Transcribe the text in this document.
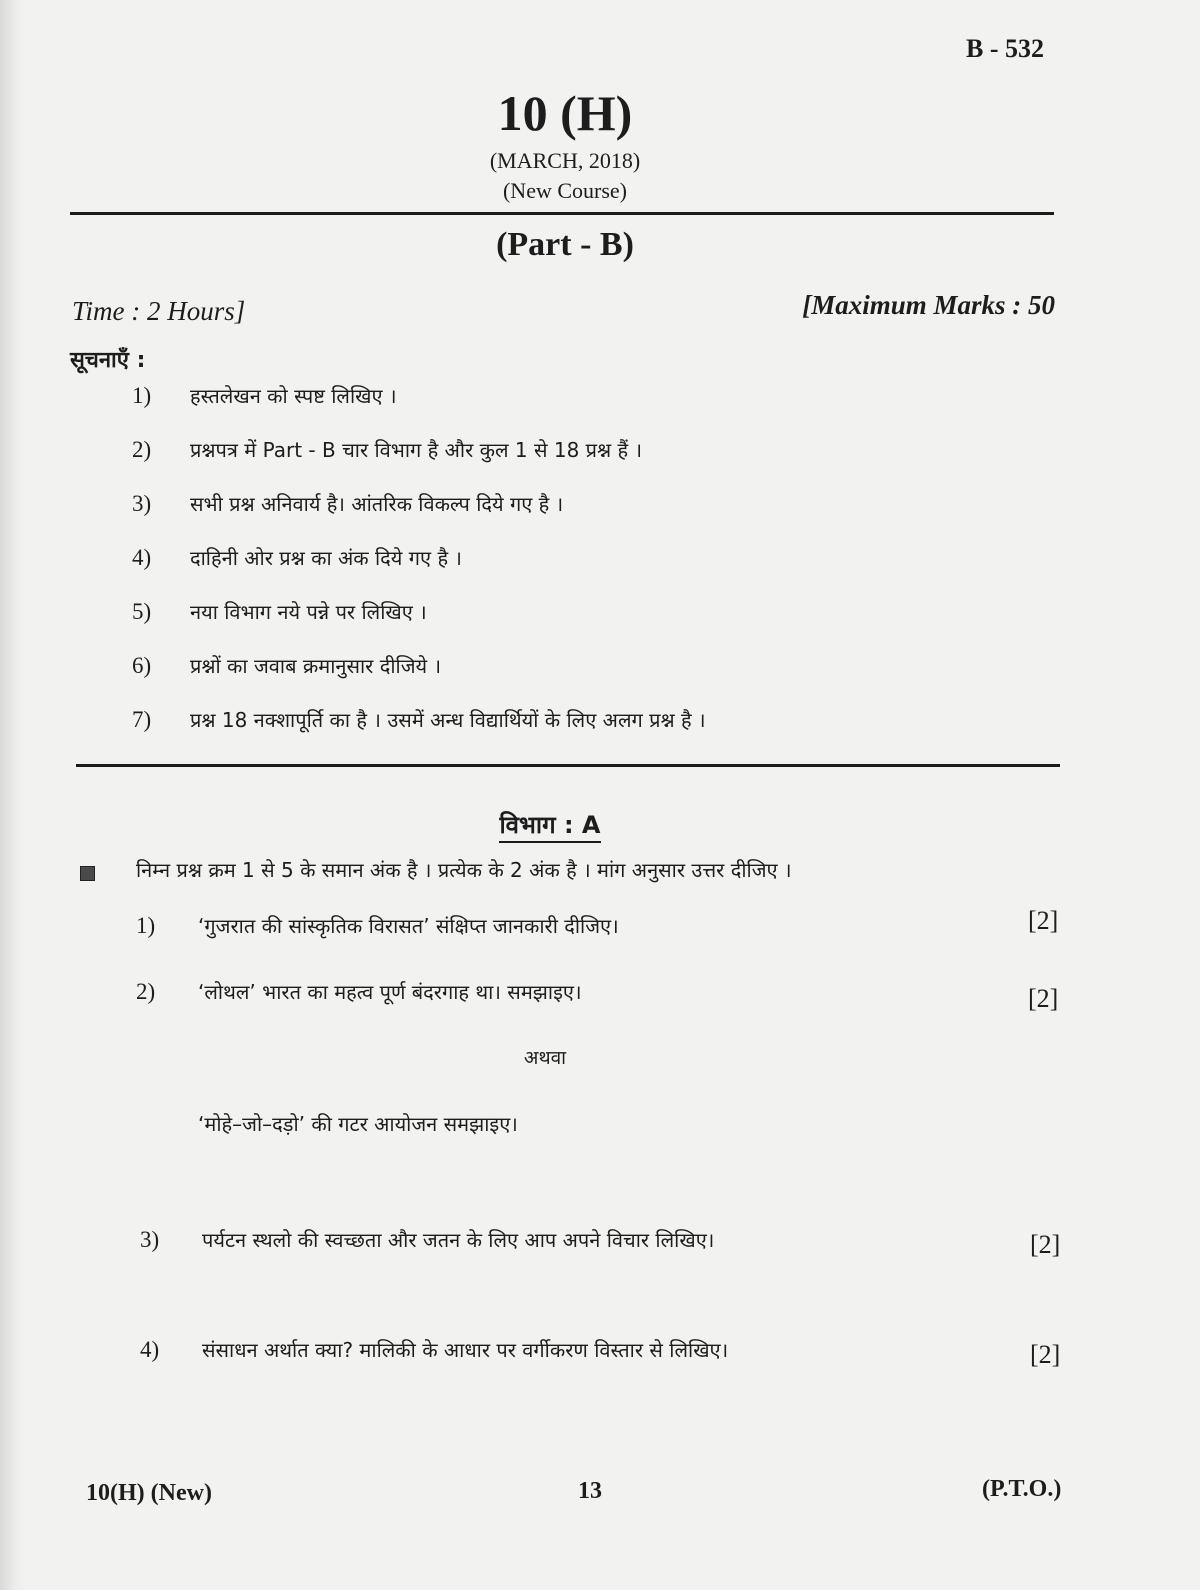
B - 532
10 (H)
(MARCH, 2018)
(New Course)
(Part - B)
Time : 2 Hours]	[Maximum Marks : 50
सूचनाएँ :
1) हस्तलेखन को स्पष्ट लिखिए ।
2) प्रश्नपत्र में Part - B चार विभाग है और कुल 1 से 18 प्रश्न हैं ।
3) सभी प्रश्न अनिवार्य है। आंतरिक विकल्प दिये गए है ।
4) दाहिनी ओर प्रश्न का अंक दिये गए है ।
5) नया विभाग नये पन्ने पर लिखिए ।
6) प्रश्नों का जवाब क्रमानुसार दीजिये ।
7) प्रश्न 18 नक्शापूर्ति का है । उसमें अन्ध विद्यार्थियों के लिए अलग प्रश्न है ।
विभाग : A
निम्न प्रश्न क्रम 1 से 5 के समान अंक है । प्रत्येक के 2 अंक है । मांग अनुसार उत्तर दीजिए ।
1) ‘गुजरात की सांस्कृतिक विरासत’ संक्षिप्त जानकारी दीजिए।	[2]
2) ‘लोथल’ भारत का महत्व पूर्ण बंदरगाह था। समझाइए।	[2]
अथवा
‘मोहे–जो–दड़ो’ की गटर आयोजन समझाइए।
3) पर्यटन स्थलो की स्वच्छता और जतन के लिए आप अपने विचार लिखिए।	[2]
4) संसाधन अर्थात क्या? मालिकी के आधार पर वर्गीकरण विस्तार से लिखिए।	[2]
10(H) (New)	13	(P.T.O.)
